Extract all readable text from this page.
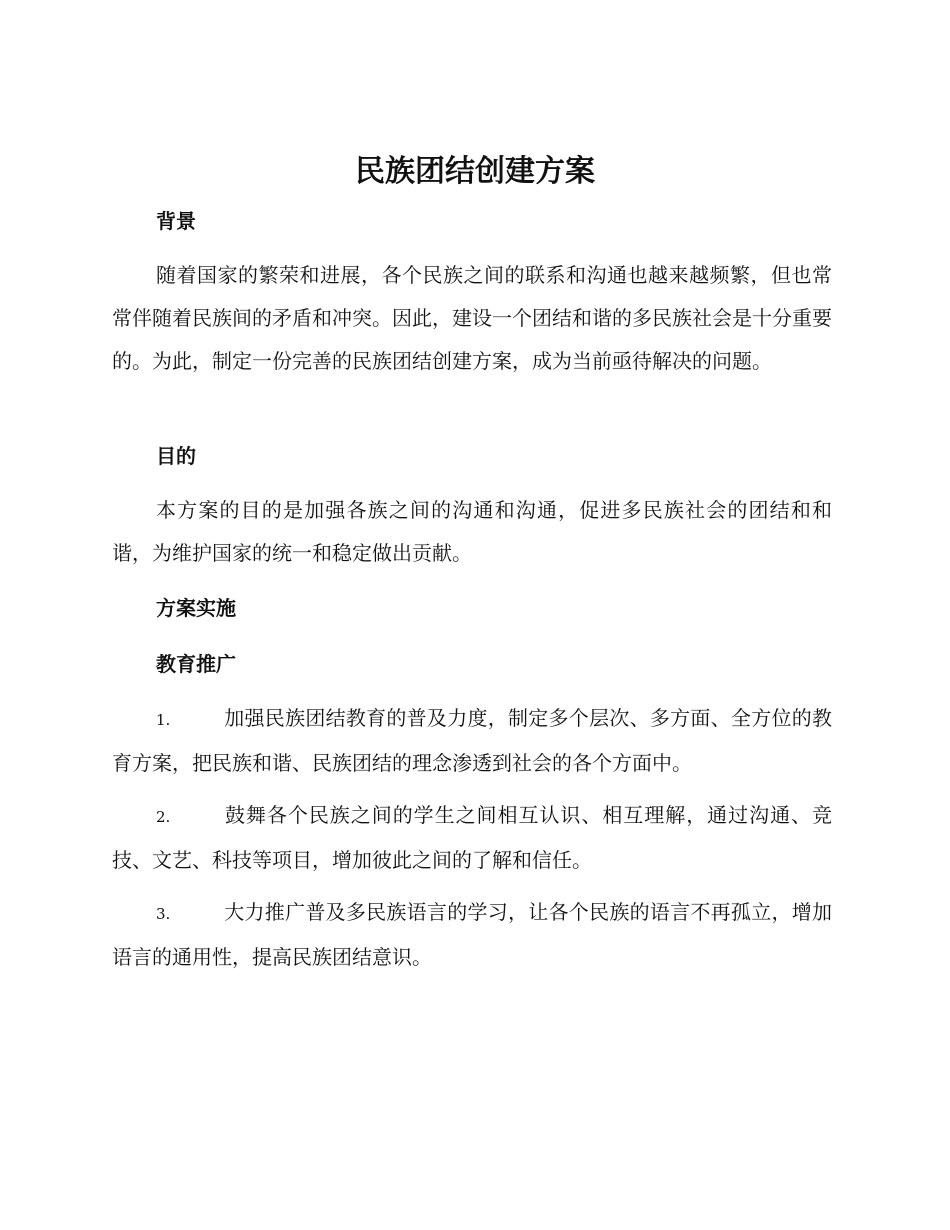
民族团结创建方案
背景

随着国家的繁荣和进展，各个民族之间的联系和沟通也越来越频繁，但也常常伴随着民族间的矛盾和冲突。因此，建设一个团结和谐的多民族社会是十分重要的。为此，制定一份完善的民族团结创建方案，成为当前亟待解决的问题。

目的

本方案的目的是加强各族之间的沟通和沟通，促进多民族社会的团结和和谐，为维护国家的统一和稳定做出贡献。

方案实施
教育推广

1.	加强民族团结教育的普及力度，制定多个层次、多方面、全方位的教育方案，把民族和谐、民族团结的理念渗透到社会的各个方面中。

2.	鼓舞各个民族之间的学生之间相互认识、相互理解，通过沟通、竞技、文艺、科技等项目，增加彼此之间的了解和信任。

3.	大力推广普及多民族语言的学习，让各个民族的语言不再孤立，增加语言的通用性，提高民族团结意识。
